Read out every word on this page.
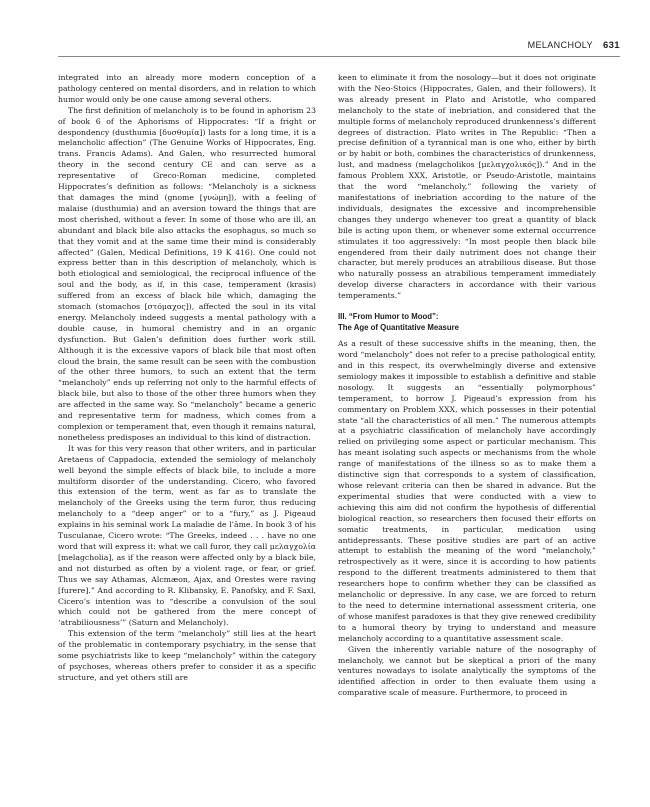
MELANCHOLY 631

integrated into an already more modern conception of a pathology centered on mental disorders, and in relation to which humor would only be one cause among several others.

The first definition of melancholy is to be found in aphorism 23 of book 6 of the Aphorisms of Hippocrates: “If a fright or despondency (dusthumia [δυσθυμία]) lasts for a long time, it is a melancholic affection” (The Genuine Works of Hippocrates, Eng. trans. Francis Adams). And Galen, who resurrected humoral theory in the second century CE and can serve as a representative of Greco-Roman medicine, completed Hippocrates’s definition as follows: “Melancholy is a sickness that damages the mind (gnome [γνώμη]), with a feeling of malaise (dusthumia) and an aversion toward the things that are most cherished, without a fever. In some of those who are ill, an abundant and black bile also attacks the esophagus, so much so that they vomit and at the same time their mind is considerably affected” (Galen, Medical Definitions, 19 K 416). One could not express better than in this description of melancholy, which is both etiological and semiological, the reciprocal influence of the soul and the body, as if, in this case, temperament (krasis) suffered from an excess of black bile which, damaging the stomach (stomachos [στόμαχος]), affected the soul in its vital energy. Melancholy indeed suggests a mental pathology with a double cause, in humoral chemistry and in an organic dysfunction. But Galen’s definition does further work still. Although it is the excessive vapors of black bile that most often cloud the brain, the same result can be seen with the combustion of the other three humors, to such an extent that the term “melancholy” ends up referring not only to the harmful effects of black bile, but also to those of the other three humors when they are affected in the same way. So “melancholy” became a generic and representative term for madness, which comes from a complexion or temperament that, even though it remains natural, nonetheless predisposes an individual to this kind of distraction.

It was for this very reason that other writers, and in particular Aretaeus of Cappadocia, extended the semiology of melancholy well beyond the simple effects of black bile, to include a more multiform disorder of the understanding. Cicero, who favored this extension of the term, went as far as to translate the melancholy of the Greeks using the term furor, thus reducing melancholy to a “deep anger” or to a “fury,” as J. Pigeaud explains in his seminal work La maladie de l’âme. In book 3 of his Tusculanae, Cicero wrote: “The Greeks, indeed . . . have no one word that will express it: what we call furor, they call μελαγχολία [melagcholia], as if the reason were affected only by a black bile, and not disturbed as often by a violent rage, or fear, or grief. Thus we say Athamas, Alcmæon, Ajax, and Orestes were raving [furere].” And according to R. Klibansky, E. Panofsky, and F. Saxl, Cicero’s intention was to “describe a convulsion of the soul which could not be gathered from the mere concept of ‘atrabiliousness’” (Saturn and Melancholy).

This extension of the term “melancholy” still lies at the heart of the problematic in contemporary psychiatry, in the sense that some psychiatrists like to keep “melancholy” within the category of psychoses, whereas others prefer to consider it as a specific structure, and yet others still are

keen to eliminate it from the nosology—but it does not originate with the Neo-Stoics (Hippocrates, Galen, and their followers). It was already present in Plato and Aristotle, who compared melancholy to the state of inebriation, and considered that the multiple forms of melancholy reproduced drunkenness’s different degrees of distraction. Plato writes in The Republic: “Then a precise definition of a tyrannical man is one who, either by birth or by habit or both, combines the characteristics of drunkenness, lust, and madness (melagcholikos [μελαγχολικός]).” And in the famous Problem XXX, Aristotle, or Pseudo-Aristotle, maintains that the word “melancholy,” following the variety of manifestations of inebriation according to the nature of the individuals, designates the excessive and incomprehensible changes they undergo whenever too great a quantity of black bile is acting upon them, or whenever some external occurrence stimulates it too aggressively: “In most people then black bile engendered from their daily nutriment does not change their character, but merely produces an atrabilious disease. But those who naturally possess an atrabilious temperament immediately develop diverse characters in accordance with their various temperaments.”

III. “From Humor to Mood”:
The Age of Quantitative Measure

As a result of these successive shifts in the meaning, then, the word “melancholy” does not refer to a precise pathological entity, and in this respect, its overwhelmingly diverse and extensive semiology makes it impossible to establish a definitive and stable nosology. It suggests an “essentially polymorphous” temperament, to borrow J. Pigeaud’s expression from his commentary on Problem XXX, which possesses in their potential state “all the characteristics of all men.” The numerous attempts at a psychiatric classification of melancholy have accordingly relied on privileging some aspect or particular mechanism. This has meant isolating such aspects or mechanisms from the whole range of manifestations of the illness so as to make them a distinctive sign that corresponds to a system of classification, whose relevant criteria can then be shared in advance. But the experimental studies that were conducted with a view to achieving this aim did not confirm the hypothesis of differential biological reaction, so researchers then focused their efforts on somatic treatments, in particular, medication using antidepressants. These positive studies are part of an active attempt to establish the meaning of the word “melancholy,” retrospectively as it were, since it is according to how patients respond to the different treatments administered to them that researchers hope to confirm whether they can be classified as melancholic or depressive. In any case, we are forced to return to the need to determine international assessment criteria, one of whose manifest paradoxes is that they give renewed credibility to a humoral theory by trying to understand and measure melancholy according to a quantitative assessment scale.

Given the inherently variable nature of the nosography of melancholy, we cannot but be skeptical a priori of the many ventures nowadays to isolate analytically the symptoms of the identified affection in order to then evaluate them using a comparative scale of measure. Furthermore, to proceed in
